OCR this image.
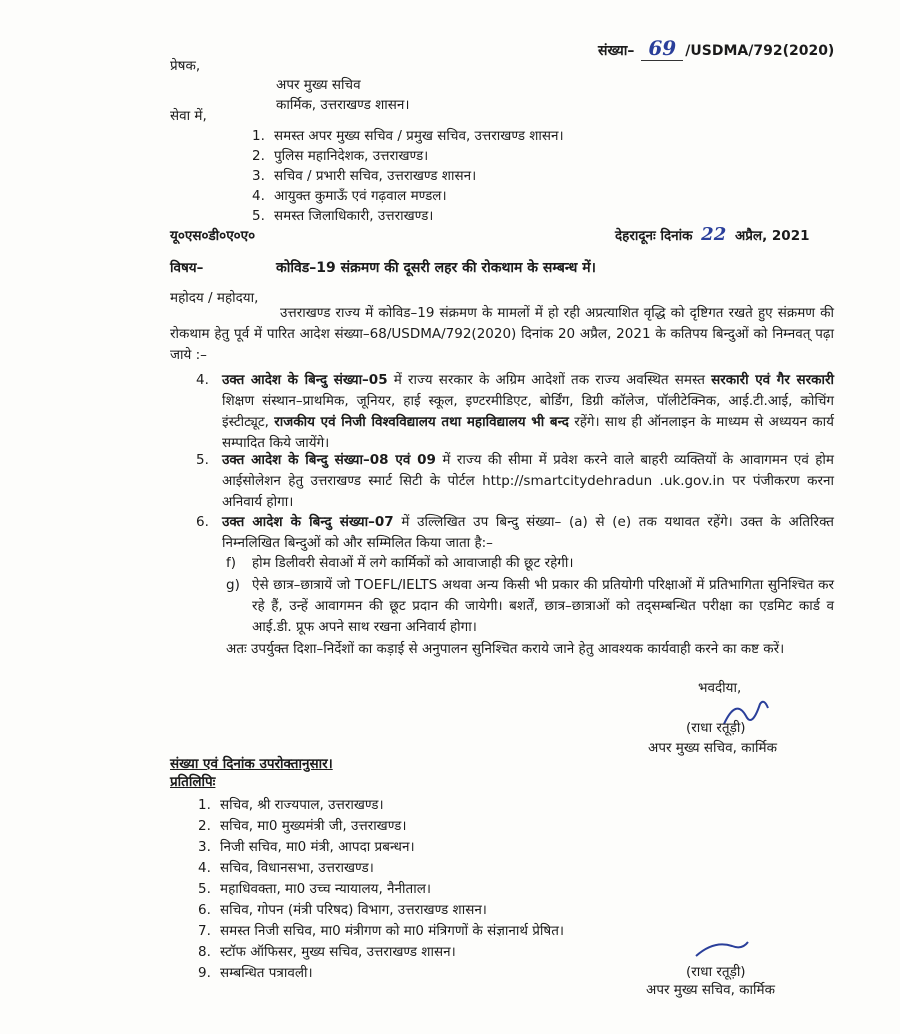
संख्या– 69 /USDMA/792(2020)
प्रेषक,
अपर मुख्य सचिव
कार्मिक, उत्तराखण्ड शासन।
सेवा में,
1. समस्त अपर मुख्य सचिव / प्रमुख सचिव, उत्तराखण्ड शासन।
2. पुलिस महानिदेशक, उत्तराखण्ड।
3. सचिव / प्रभारी सचिव, उत्तराखण्ड शासन।
4. आयुक्त कुमाऊँ एवं गढ़वाल मण्डल।
5. समस्त जिलाधिकारी, उत्तराखण्ड।
यू०एस०डी०ए०ए०	देहरादूनः दिनांक 22 अप्रैल, 2021
विषय–	कोविड–19 संक्रमण की दूसरी लहर की रोकथाम के सम्बन्ध में।
महोदय / महोदया,
उत्तराखण्ड राज्य में कोविड–19 संक्रमण के मामलों में हो रही अप्रत्याशित वृद्धि को दृष्टिगत रखते हुए संक्रमण की रोकथाम हेतु पूर्व में पारित आदेश संख्या–68/USDMA/792(2020) दिनांक 20 अप्रैल, 2021 के कतिपय बिन्दुओं को निम्नवत् पढ़ा जाये :–
4. उक्त आदेश के बिन्दु संख्या–05 में राज्य सरकार के अग्रिम आदेशों तक राज्य अवस्थित समस्त सरकारी एवं गैर सरकारी शिक्षण संस्थान–प्राथमिक, जूनियर, हाई स्कूल, इण्टरमीडिएट, बोर्डिंग, डिग्री कॉलेज, पॉलीटेक्निक, आई.टी.आई, कोचिंग इंस्टीट्यूट, राजकीय एवं निजी विश्वविद्यालय तथा महाविद्यालय भी बन्द रहेंगे। साथ ही ऑनलाइन के माध्यम से अध्ययन कार्य सम्पादित किये जायेंगे।
5. उक्त आदेश के बिन्दु संख्या–08 एवं 09 में राज्य की सीमा में प्रवेश करने वाले बाहरी व्यक्तियों के आवागमन एवं होम आईसोलेशन हेतु उत्तराखण्ड स्मार्ट सिटी के पोर्टल http://smartcitydehradun .uk.gov.in पर पंजीकरण करना अनिवार्य होगा।
6. उक्त आदेश के बिन्दु संख्या–07 में उल्लिखित उप बिन्दु संख्या– (a) से (e) तक यथावत रहेंगे। उक्त के अतिरिक्त निम्नलिखित बिन्दुओं को और सम्मिलित किया जाता है:–
f) होम डिलीवरी सेवाओं में लगे कार्मिकों को आवाजाही की छूट रहेगी।
g) ऐसे छात्र–छात्रायें जो TOEFL/IELTS अथवा अन्य किसी भी प्रकार की प्रतियोगी परिक्षाओं में प्रतिभागिता सुनिश्चित कर रहे हैं, उन्हें आवागमन की छूट प्रदान की जायेगी। बशर्तें, छात्र–छात्राओं को तद्सम्बन्धित परीक्षा का एडमिट कार्ड व आई.डी. प्रूफ अपने साथ रखना अनिवार्य होगा।
अतः उपर्युक्त दिशा–निर्देशों का कड़ाई से अनुपालन सुनिश्चित कराये जाने हेतु आवश्यक कार्यवाही करने का कष्ट करें।
भवदीया,
(राधा रतूड़ी)
अपर मुख्य सचिव, कार्मिक
संख्या एवं दिनांक उपरोक्तानुसार।
प्रतिलिपिः
1. सचिव, श्री राज्यपाल, उत्तराखण्ड।
2. सचिव, मा0 मुख्यमंत्री जी, उत्तराखण्ड।
3. निजी सचिव, मा0 मंत्री, आपदा प्रबन्धन।
4. सचिव, विधानसभा, उत्तराखण्ड।
5. महाधिवक्ता, मा0 उच्च न्यायालय, नैनीताल।
6. सचिव, गोपन (मंत्री परिषद) विभाग, उत्तराखण्ड शासन।
7. समस्त निजी सचिव, मा0 मंत्रीगण को मा0 मंत्रिगणों के संज्ञानार्थ प्रेषित।
8. स्टॉफ ऑफिसर, मुख्य सचिव, उत्तराखण्ड शासन।
9. सम्बन्धित पत्रावली।	(राधा रतूड़ी)
अपर मुख्य सचिव, कार्मिक
